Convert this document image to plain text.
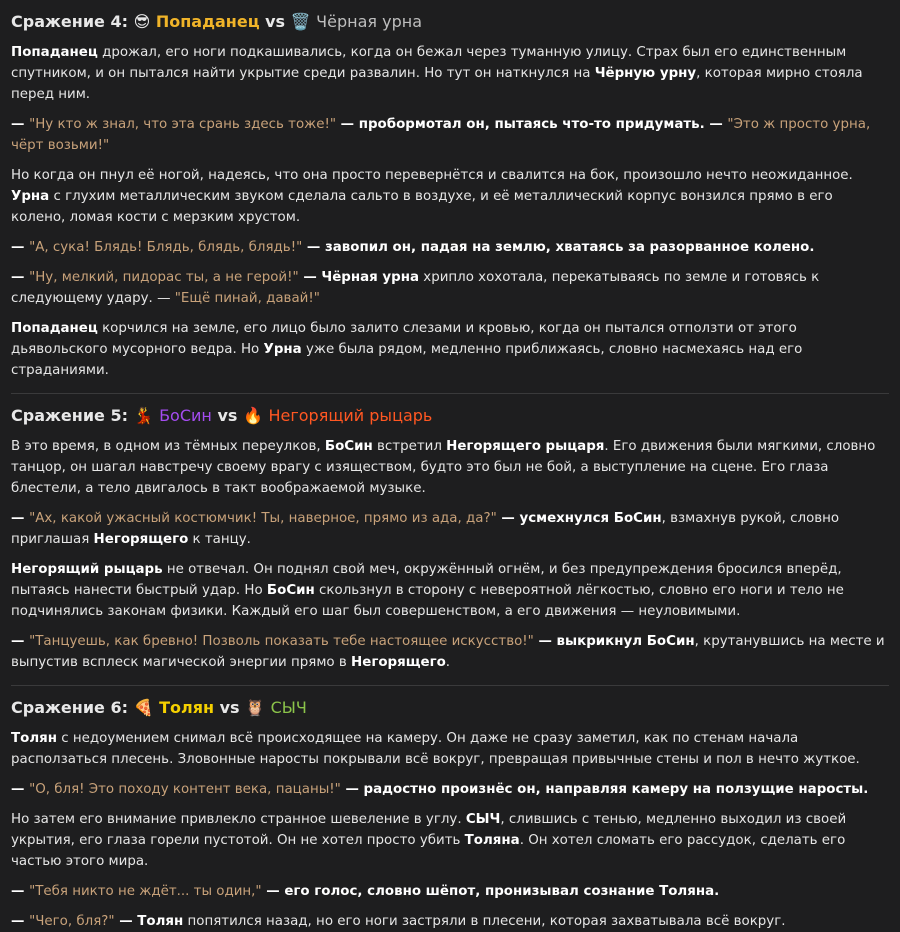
Сражение 4: 😎 Попаданец vs 🗑️ Чёрная урна

Попаданец дрожал, его ноги подкашивались, когда он бежал через туманную улицу. Страх был его единственным спутником, и он пытался найти укрытие среди развалин. Но тут он наткнулся на Чёрную урну, которая мирно стояла перед ним.

— "Ну кто ж знал, что эта срань здесь тоже!" — пробормотал он, пытаясь что-то придумать. — "Это ж просто урна, чёрт возьми!"

Но когда он пнул её ногой, надеясь, что она просто перевернётся и свалится на бок, произошло нечто неожиданное. Урна с глухим металлическим звуком сделала сальто в воздухе, и её металлический корпус вонзился прямо в его колено, ломая кости с мерзким хрустом.

— "А, сука! Блядь! Блядь, блядь, блядь!" — завопил он, падая на землю, хватаясь за разорванное колено.

— "Ну, мелкий, пидорас ты, а не герой!" — Чёрная урна хрипло хохотала, перекатываясь по земле и готовясь к следующему удару. — "Ещё пинай, давай!"

Попаданец корчился на земле, его лицо было залито слезами и кровью, когда он пытался отползти от этого дьявольского мусорного ведра. Но Урна уже была рядом, медленно приближаясь, словно насмехаясь над его страданиями.

Сражение 5: 💃 БоСин vs 🔥 Негорящий рыцарь

В это время, в одном из тёмных переулков, БоСин встретил Негорящего рыцаря. Его движения были мягкими, словно танцор, он шагал навстречу своему врагу с изяществом, будто это был не бой, а выступление на сцене. Его глаза блестели, а тело двигалось в такт воображаемой музыке.

— "Ах, какой ужасный костюмчик! Ты, наверное, прямо из ада, да?" — усмехнулся БоСин, взмахнув рукой, словно приглашая Негорящего к танцу.

Негорящий рыцарь не отвечал. Он поднял свой меч, окружённый огнём, и без предупреждения бросился вперёд, пытаясь нанести быстрый удар. Но БоСин скользнул в сторону с невероятной лёгкостью, словно его ноги и тело не подчинялись законам физики. Каждый его шаг был совершенством, а его движения — неуловимыми.

— "Танцуешь, как бревно! Позволь показать тебе настоящее искусство!" — выкрикнул БоСин, крутанувшись на месте и выпустив всплеск магической энергии прямо в Негорящего.

Сражение 6: 🍕 Толян vs 🦉 СЫЧ

Толян с недоумением снимал всё происходящее на камеру. Он даже не сразу заметил, как по стенам начала расползаться плесень. Зловонные наросты покрывали всё вокруг, превращая привычные стены и пол в нечто жуткое.

— "О, бля! Это походу контент века, пацаны!" — радостно произнёс он, направляя камеру на ползущие наросты.

Но затем его внимание привлекло странное шевеление в углу. СЫЧ, слившись с тенью, медленно выходил из своей укрытия, его глаза горели пустотой. Он не хотел просто убить Толяна. Он хотел сломать его рассудок, сделать его частью этого мира.

— "Тебя никто не ждёт... ты один," — его голос, словно шёпот, пронизывал сознание Толяна.

— "Чего, бля?" — Толян попятился назад, но его ноги застряли в плесени, которая захватывала всё вокруг.
